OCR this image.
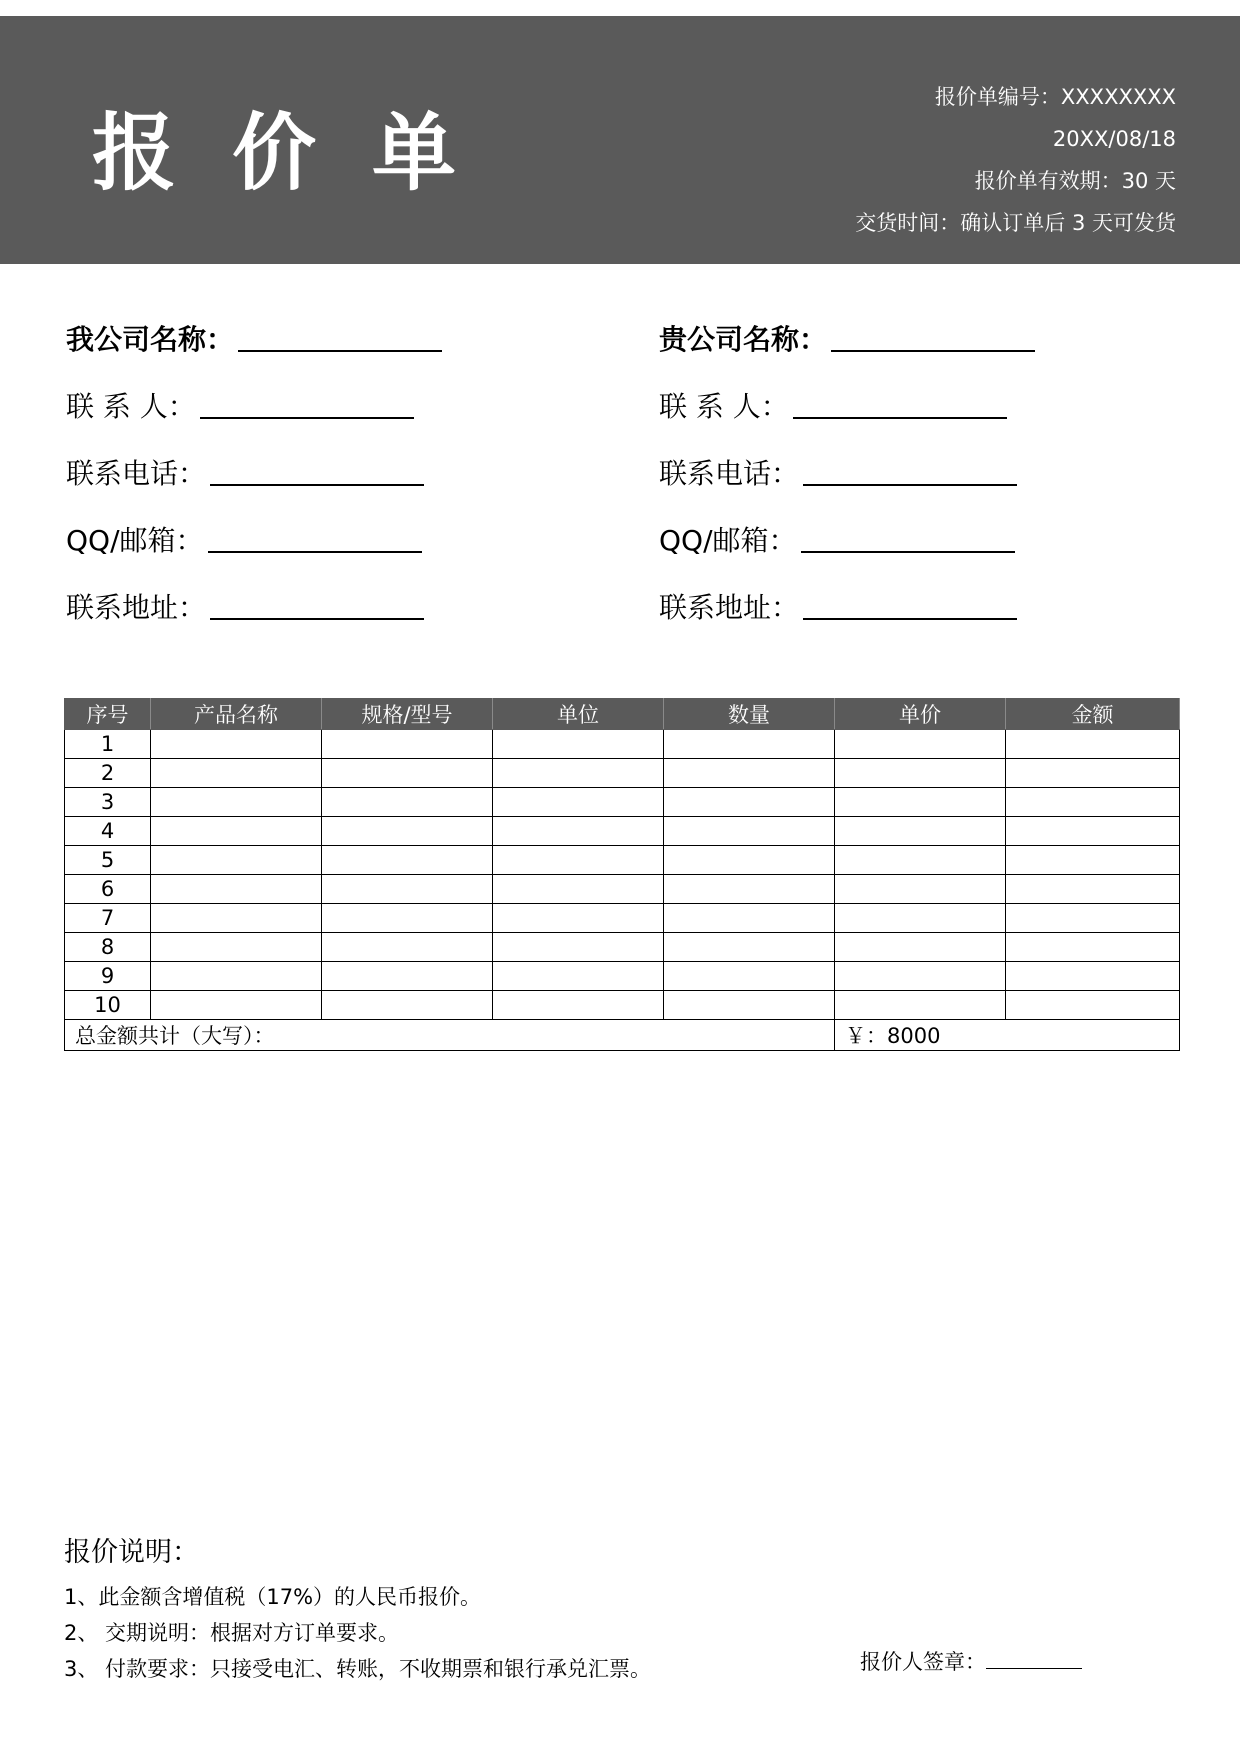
报 价 单
报价单编号：XXXXXXXX
20XX/08/18
报价单有效期：30 天
交货时间：确认订单后 3 天可发货
我公司名称：
联 系 人：
联系电话：
QQ/邮箱：
联系地址：
贵公司名称：
联 系 人：
联系电话：
QQ/邮箱：
联系地址：
序号	产品名称	规格/型号	单位	数量	单价	金额
1						
2						
3						
4						
5						
6						
7						
8						
9						
10						
总金额共计（大写）：					￥：8000	
报价说明：
1、此金额含增值税（17%）的人民币报价。
2、 交期说明：根据对方订单要求。
3、 付款要求：只接受电汇、转账，不收期票和银行承兑汇票。	报价人签章：
